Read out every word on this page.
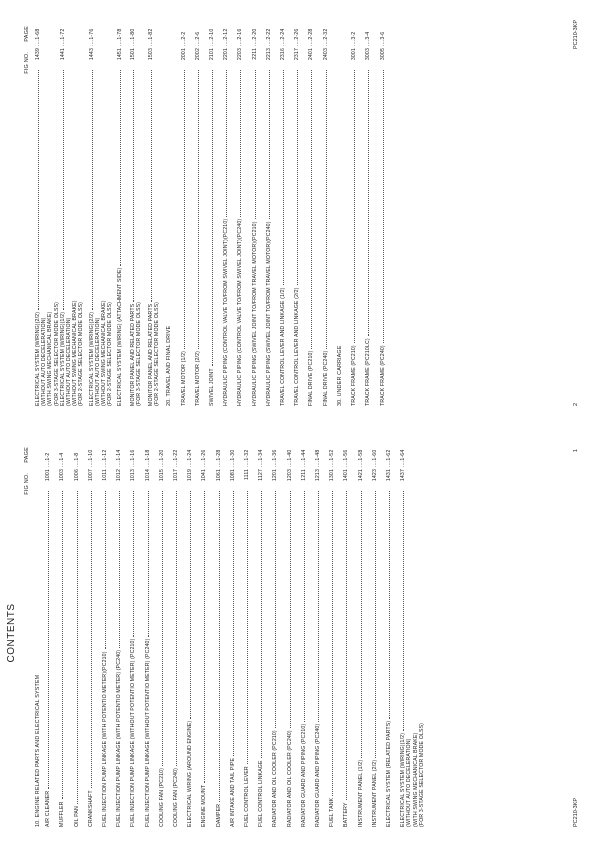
CONTENTS
FIG NO. PAGE
10. ENGINE RELATED PARTS AND ELECTRICAL SYSTEM AIR CLEANER
1001
....1-2
MUFFLER
1003
....1-4
OIL PAN
1006
....1-8
CRANKSHAFT
1007
....1-10
FUEL INJECTION PUMP LINKAGE (WITH POTENTIO METER)(PC210)
1011
....1-12
FUEL INJECTION PUMP LINKAGE (WITH POTENTIO METER) (PC240)
1012
....1-14
FUEL INJECTION PUMP LINKAGE (WITHOUT POTENTIO METER) (PC210)
1013
....1-16
FUEL INJECTION PUMP LINKAGE (WITHOUT POTENTIO METER) (PC240)
1014
....1-18
COOLING FAN (PC210)
1015
....1-20
COOLING FAN (PC240)
1017
....1-22
ELECTRICAL WIRING (AROUND ENGINE)
1019
....1-24
ENGINE MOUNT
1041
....1-26
DAMPER
1061
....1-28
AIR INTAKE AND TAIL PIPE
1081
....1-30
FUEL CONTROL LEVER
1111
....1-32
FUEL CONTROL LINKAGE
1127
....1-34
RADIATOR AND OIL COOLER (PC210)
1201
....1-36
RADIATOR AND OIL COOLER (PC240)
1203
....1-40
RADIATOR GUARD AND PIPING (PC210)
1211
....1-44
RADIATOR GUARD AND PIPING (PC240)
1213
....1-48
FUEL TANK
1301
....1-52
BATTERY
1401
....1-56
INSTRUMENT PANEL (1/2)
1421
....1-58
INSTRUMENT PANEL (2/2)
1423
....1-60
ELECTRICAL SYSTEM (RELATED PARTS)
1431
....1-62
ELECTRICAL SYSTEM (WIRING)(1/2)
1437
....1-64
(WITHOUT AUTO DECELERATION) (WITH SWING MECHANICAL BRAKE) (FOR 3-STAGE SELECTOR MODE OLSS)	PC210-3KP
1
FIG NO. PAGE
ELECTRICAL SYSTEM (WIRING)(2/2)
1439
....1-68
(WITHOUT AUTO DECELERATION) (WITH SWING MECHANICAL BRAKE) (FOR 3-STAGE SELECTOR MODE OLSS) ELECTRICAL SYSTEM (WIRING)(1/2)
1441
....1-72
(WITHOUT AUTO DECELERATION) (WITHOUT SWING MECHANICAL BRAKE) (FOR 2-STAGE SELECTOR MODE OLSS) ELECTRICAL SYSTEM (WIRING)(2/2)
1443
....1-76
(WITHOUT AUTO DECELERATION) (WITHOUT SWING MECHANICAL BRAKE) (FOR 2-STAGE SELECTOR MODE OLSS) ELECTRICAL SYSTEM (WIRING) (ATTACHMENT SIDE)
1451
....1-78
MONITOR PANEL AND RELATED PARTS
1501
....1-80
(FOR 3-STAGE SELECTOR MODE OLSS) MONITOR PANEL AND RELATED PARTS
1503
....1-82
(FOR 2-STAGE SELECTOR MODE OLSS) 20. TRAVEL AND FINAL DRIVE TRAVEL MOTOR (1/2)
2001
....2-2
TRAVEL MOTOR (2/2)
2002
....2-6
SWIVEL JOINT
2101
....2-10
HYDRAULIC PIPING (CONTROL VALVE TO/FROM SWIVEL JOINT)(PC210)
2201
....2-12
HYDRAULIC PIPING (CONTROL VALVE TO/FROM SWIVEL JOINT)(PC240)
2203
....2-16
HYDRAULIC PIPING (SWIVEL JOINT TO/FROM TRAVEL MOTOR)(PC210)
2211
....2-20
HYDRAULIC PIPING (SWIVEL JOINT TO/FROM TRAVEL MOTOR)(PC240)
2213
....2-22
TRAVEL CONTROL LEVER AND LINKAGE (1/2)
2316
....2-24
TRAVEL CONTROL LEVER AND LINKAGE (2/2)
2317
....2-26
FINAL DRIVE (PC210)
2401
....2-28
FINAL DRIVE (PC240)
2403
....2-32
30. UNDER CARRIAGE TRACK FRAME (PC210)
3001
....3-2
TRACK FRAME (PC210LC)
3003
....3-4
TRACK FRAME (PC240)
3005
....3-6
2
PC210-3KP
